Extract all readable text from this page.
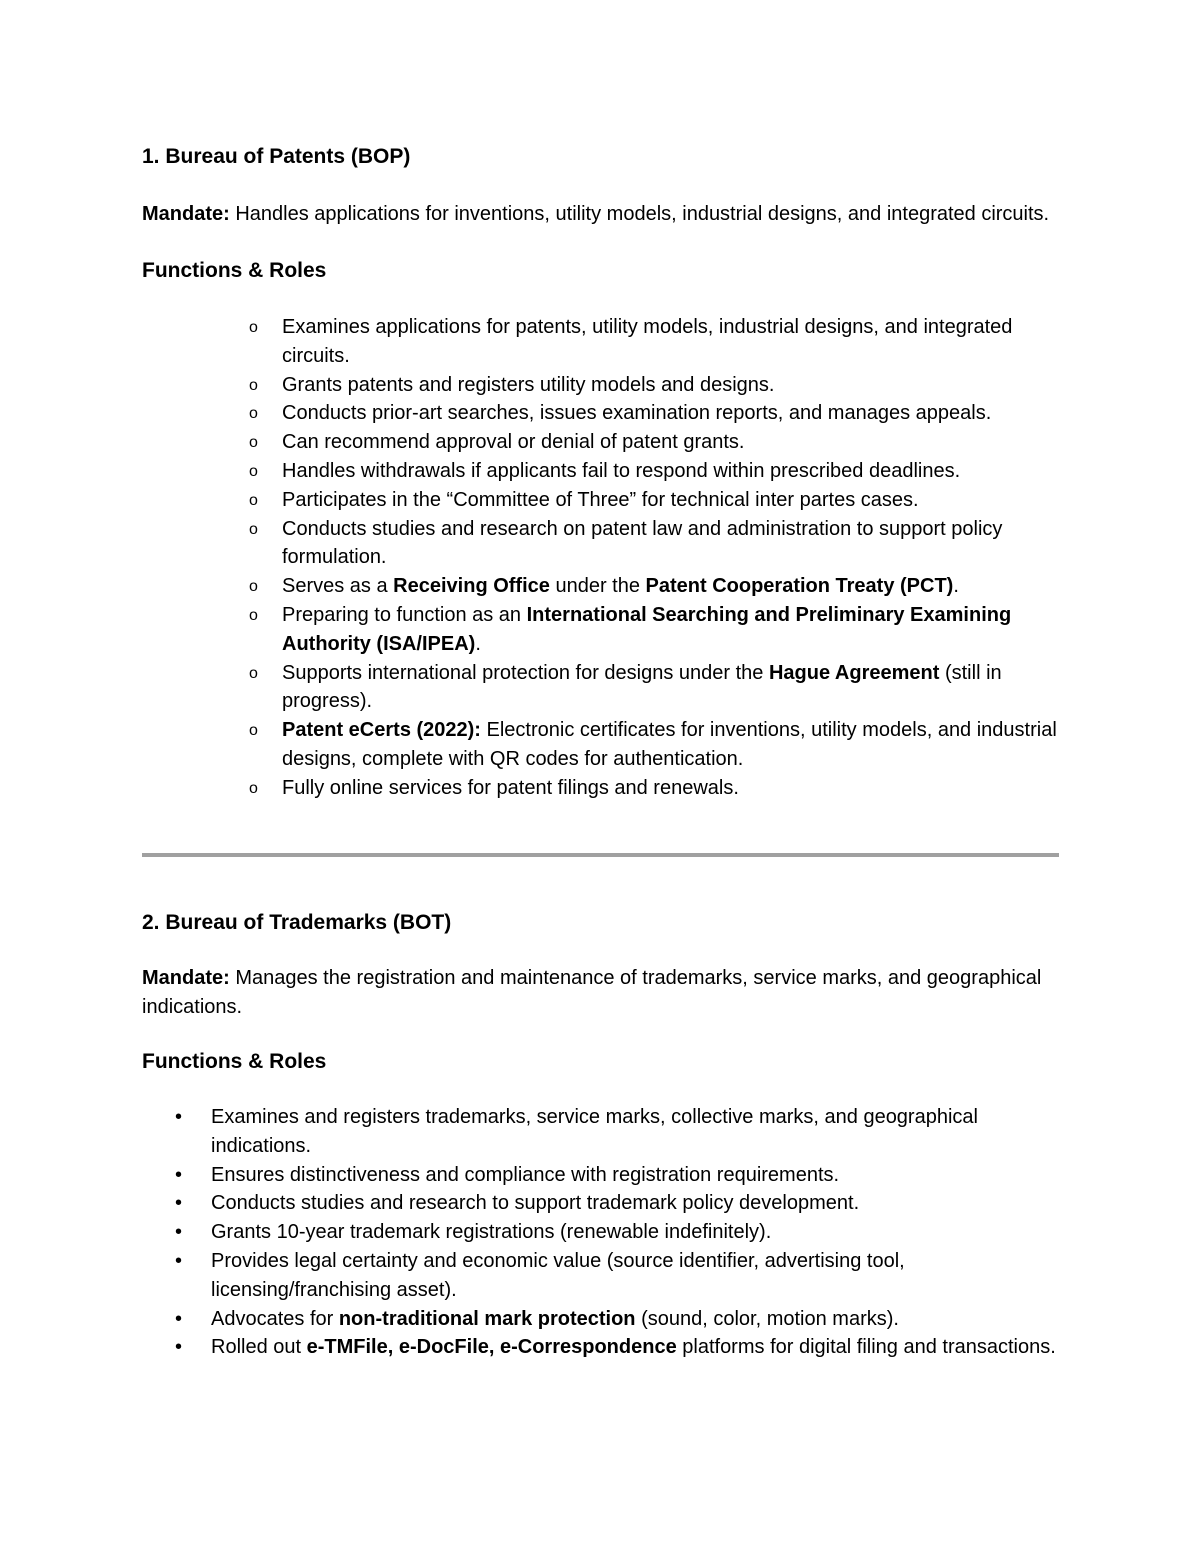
1. Bureau of Patents (BOP)

Mandate: Handles applications for inventions, utility models, industrial designs, and integrated circuits.

Functions & Roles

o Examines applications for patents, utility models, industrial designs, and integrated circuits.
o Grants patents and registers utility models and designs.
o Conducts prior-art searches, issues examination reports, and manages appeals.
o Can recommend approval or denial of patent grants.
o Handles withdrawals if applicants fail to respond within prescribed deadlines.
o Participates in the “Committee of Three” for technical inter partes cases.
o Conducts studies and research on patent law and administration to support policy formulation.
o Serves as a Receiving Office under the Patent Cooperation Treaty (PCT).
o Preparing to function as an International Searching and Preliminary Examining Authority (ISA/IPEA).
o Supports international protection for designs under the Hague Agreement (still in progress).
o Patent eCerts (2022): Electronic certificates for inventions, utility models, and industrial designs, complete with QR codes for authentication.
o Fully online services for patent filings and renewals.

2. Bureau of Trademarks (BOT)

Mandate: Manages the registration and maintenance of trademarks, service marks, and geographical indications.

Functions & Roles

• Examines and registers trademarks, service marks, collective marks, and geographical indications.
• Ensures distinctiveness and compliance with registration requirements.
• Conducts studies and research to support trademark policy development.
• Grants 10-year trademark registrations (renewable indefinitely).
• Provides legal certainty and economic value (source identifier, advertising tool, licensing/franchising asset).
• Advocates for non-traditional mark protection (sound, color, motion marks).
• Rolled out e-TMFile, e-DocFile, e-Correspondence platforms for digital filing and transactions.
